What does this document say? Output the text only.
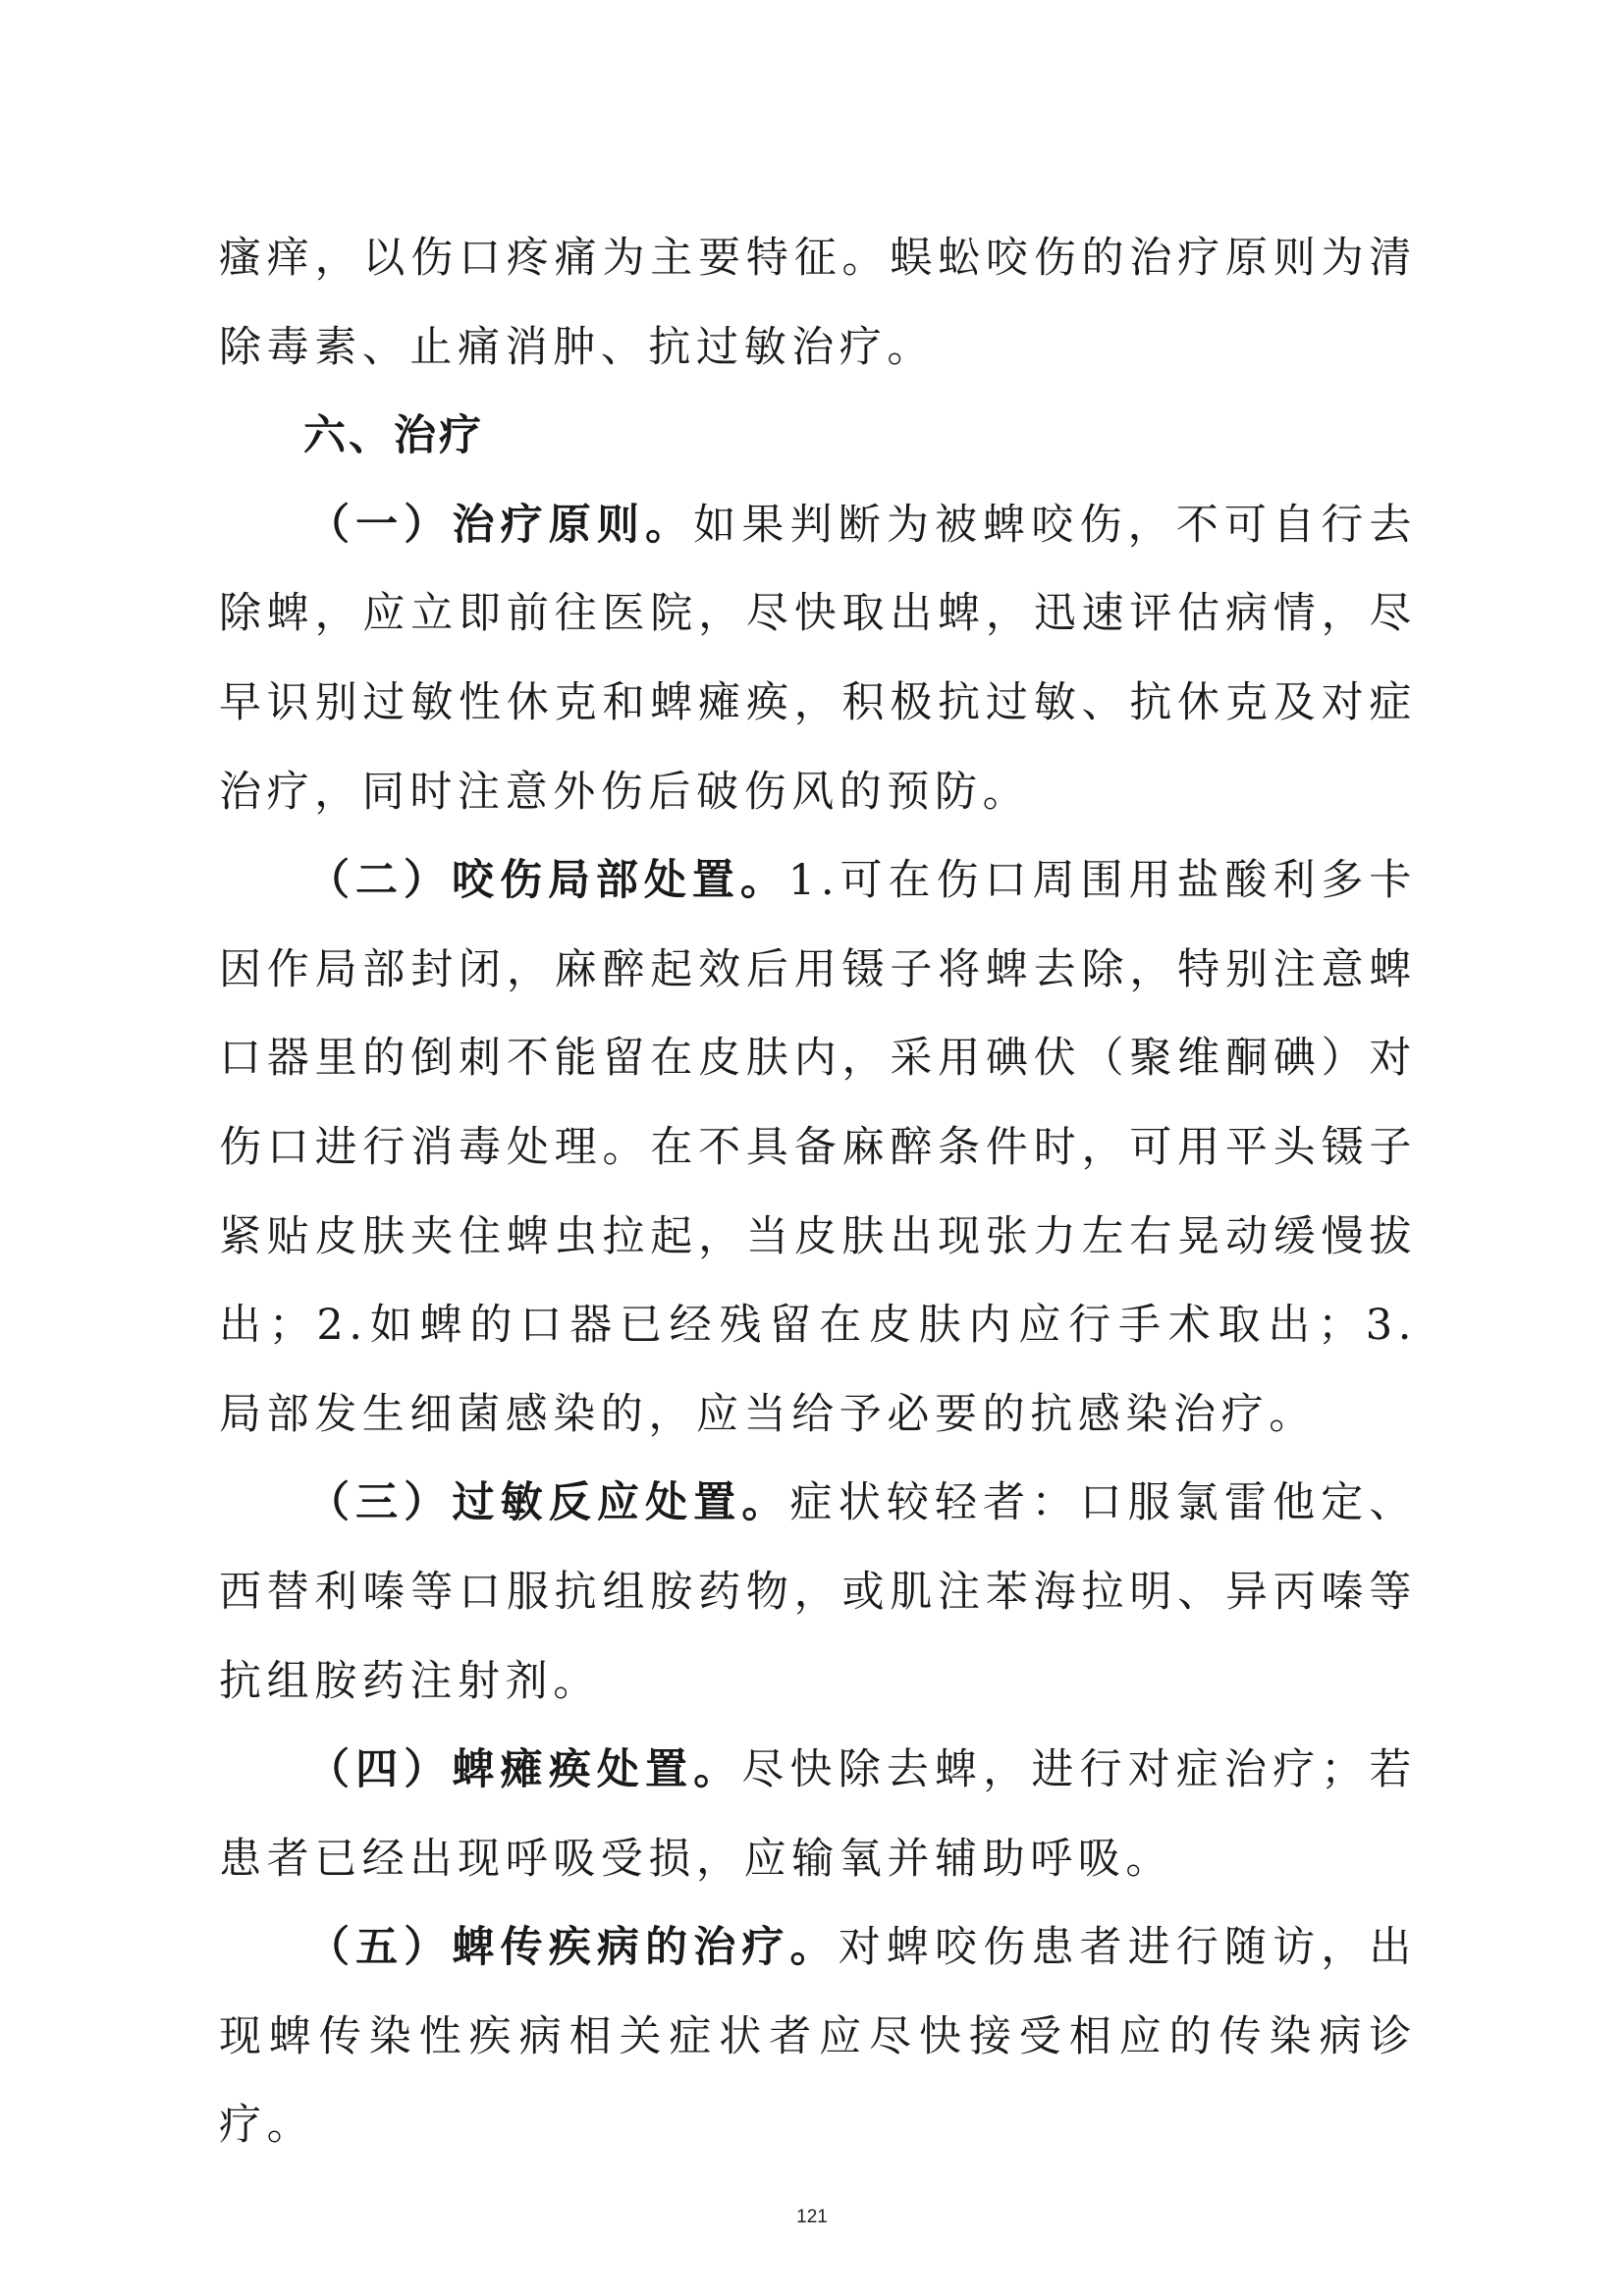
瘙痒，以伤口疼痛为主要特征。蜈蚣咬伤的治疗原则为清除毒素、止痛消肿、抗过敏治疗。

六、治疗

（一）治疗原则。如果判断为被蜱咬伤，不可自行去除蜱，应立即前往医院，尽快取出蜱，迅速评估病情，尽早识别过敏性休克和蜱瘫痪，积极抗过敏、抗休克及对症治疗，同时注意外伤后破伤风的预防。

（二）咬伤局部处置。1.可在伤口周围用盐酸利多卡因作局部封闭，麻醉起效后用镊子将蜱去除，特别注意蜱口器里的倒刺不能留在皮肤内，采用碘伏（聚维酮碘）对伤口进行消毒处理。在不具备麻醉条件时，可用平头镊子紧贴皮肤夹住蜱虫拉起，当皮肤出现张力左右晃动缓慢拔出；2.如蜱的口器已经残留在皮肤内应行手术取出；3.局部发生细菌感染的，应当给予必要的抗感染治疗。

（三）过敏反应处置。症状较轻者：口服氯雷他定、西替利嗪等口服抗组胺药物，或肌注苯海拉明、异丙嗪等抗组胺药注射剂。

（四）蜱瘫痪处置。尽快除去蜱，进行对症治疗；若患者已经出现呼吸受损，应输氧并辅助呼吸。

（五）蜱传疾病的治疗。对蜱咬伤患者进行随访，出现蜱传染性疾病相关症状者应尽快接受相应的传染病诊疗。

121
